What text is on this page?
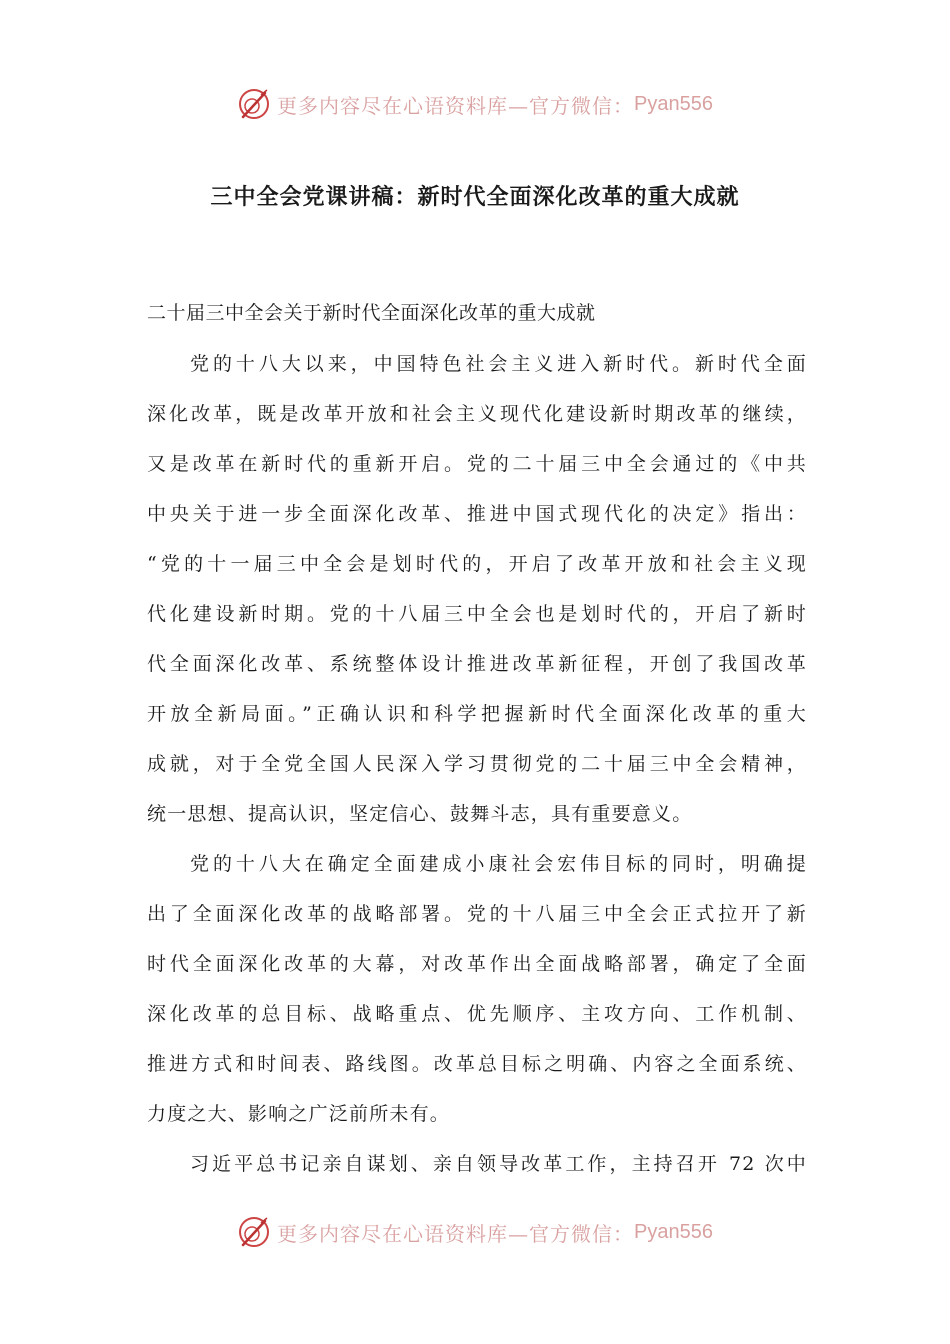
更多内容尽在心语资料库—官方微信： Pyan556
三中全会党课讲稿：新时代全面深化改革的重大成就
二十届三中全会关于新时代全面深化改革的重大成就
党的十八大以来，中国特色社会主义进入新时代。新时代全面
深化改革，既是改革开放和社会主义现代化建设新时期改革的继续，
又是改革在新时代的重新开启。党的二十届三中全会通过的《中共
中央关于进一步全面深化改革、推进中国式现代化的决定》指出：
“党的十一届三中全会是划时代的，开启了改革开放和社会主义现
代化建设新时期。党的十八届三中全会也是划时代的，开启了新时
代全面深化改革、系统整体设计推进改革新征程，开创了我国改革
开放全新局面。”正确认识和科学把握新时代全面深化改革的重大
成就，对于全党全国人民深入学习贯彻党的二十届三中全会精神，
统一思想、提高认识，坚定信心、鼓舞斗志，具有重要意义。
党的十八大在确定全面建成小康社会宏伟目标的同时，明确提
出了全面深化改革的战略部署。党的十八届三中全会正式拉开了新
时代全面深化改革的大幕，对改革作出全面战略部署，确定了全面
深化改革的总目标、战略重点、优先顺序、主攻方向、工作机制、
推进方式和时间表、路线图。改革总目标之明确、内容之全面系统、
力度之大、影响之广泛前所未有。
习近平总书记亲自谋划、亲自领导改革工作，主持召开 72 次中
更多内容尽在心语资料库—官方微信： Pyan556
